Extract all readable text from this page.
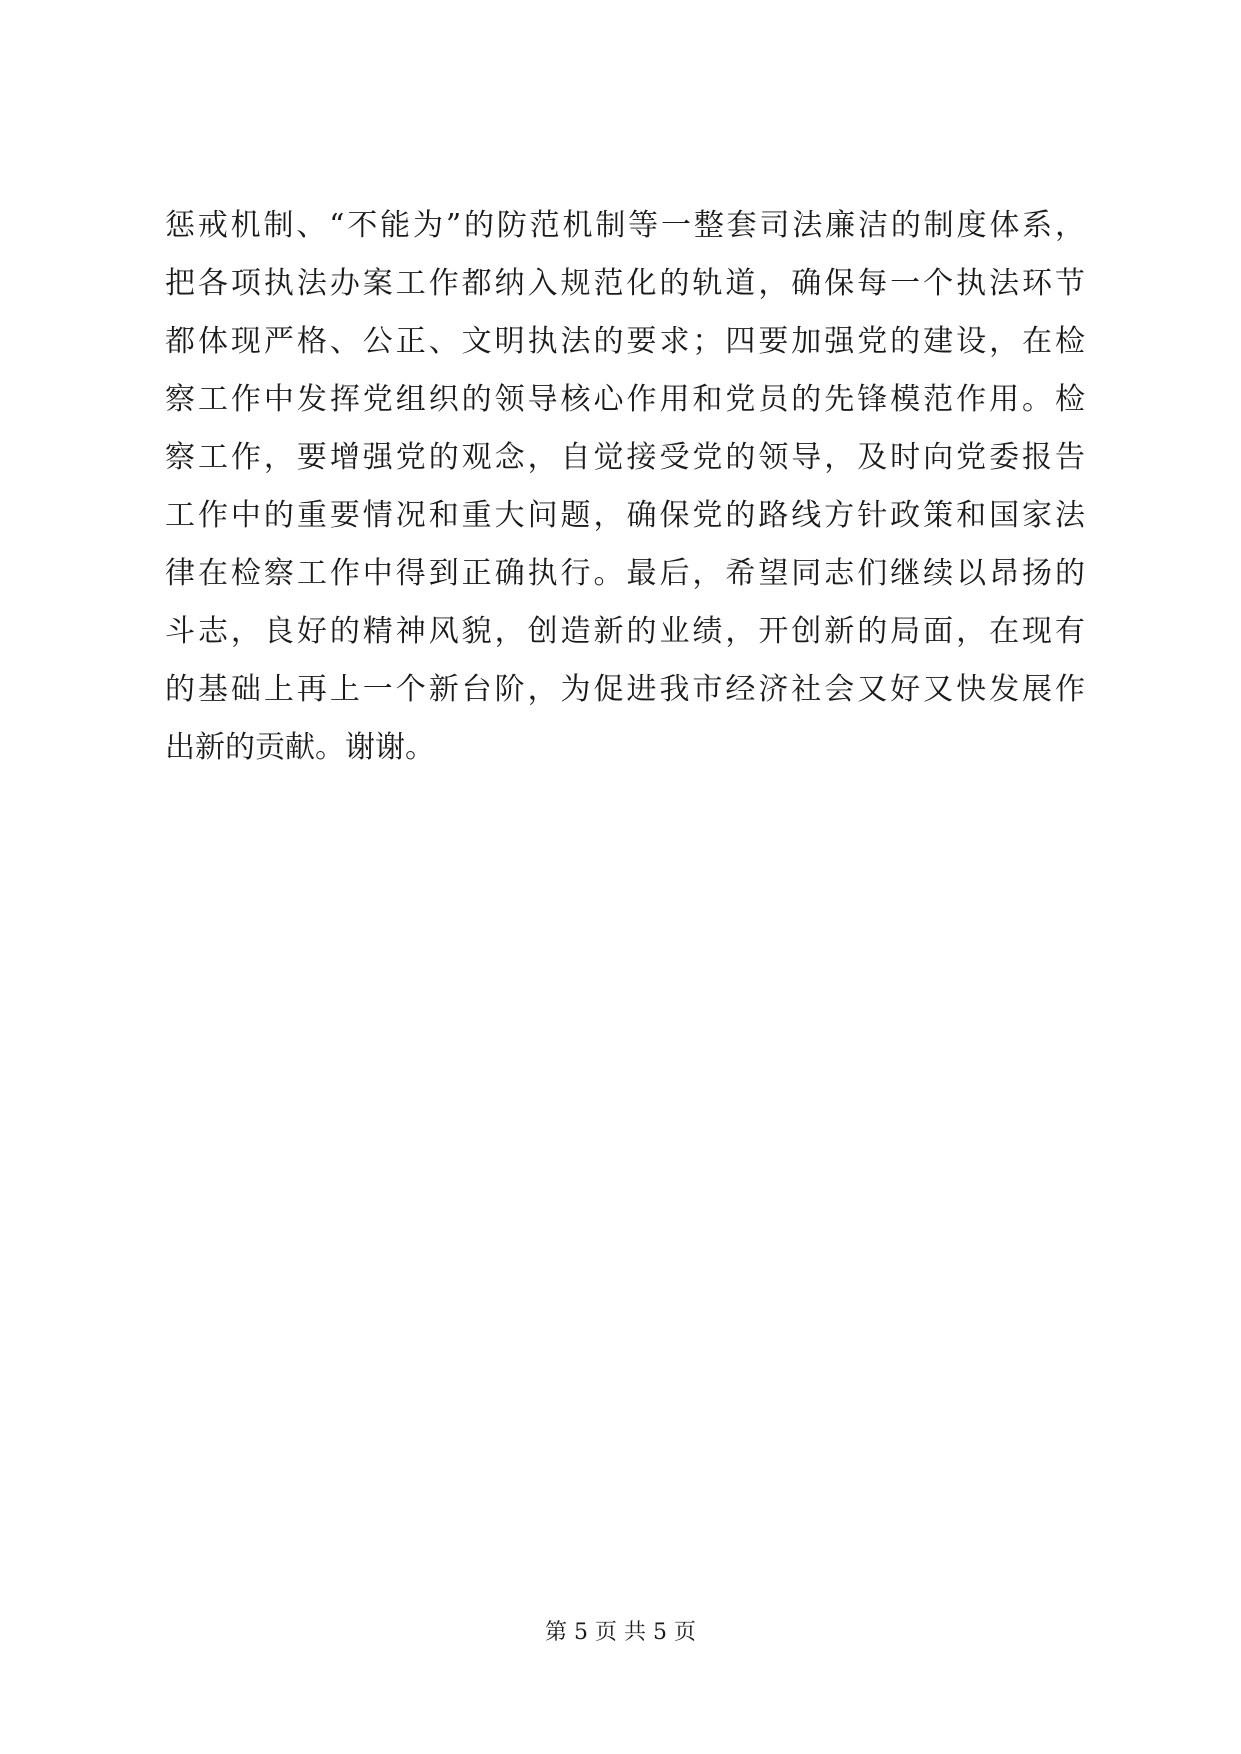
惩戒机制、“不能为”的防范机制等一整套司法廉洁的制度体系，
把各项执法办案工作都纳入规范化的轨道，确保每一个执法环节
都体现严格、公正、文明执法的要求；四要加强党的建设，在检
察工作中发挥党组织的领导核心作用和党员的先锋模范作用。检
察工作，要增强党的观念，自觉接受党的领导，及时向党委报告
工作中的重要情况和重大问题，确保党的路线方针政策和国家法
律在检察工作中得到正确执行。最后，希望同志们继续以昂扬的
斗志，良好的精神风貌，创造新的业绩，开创新的局面，在现有
的基础上再上一个新台阶，为促进我市经济社会又好又快发展作
出新的贡献。谢谢。
第 5 页 共 5 页
